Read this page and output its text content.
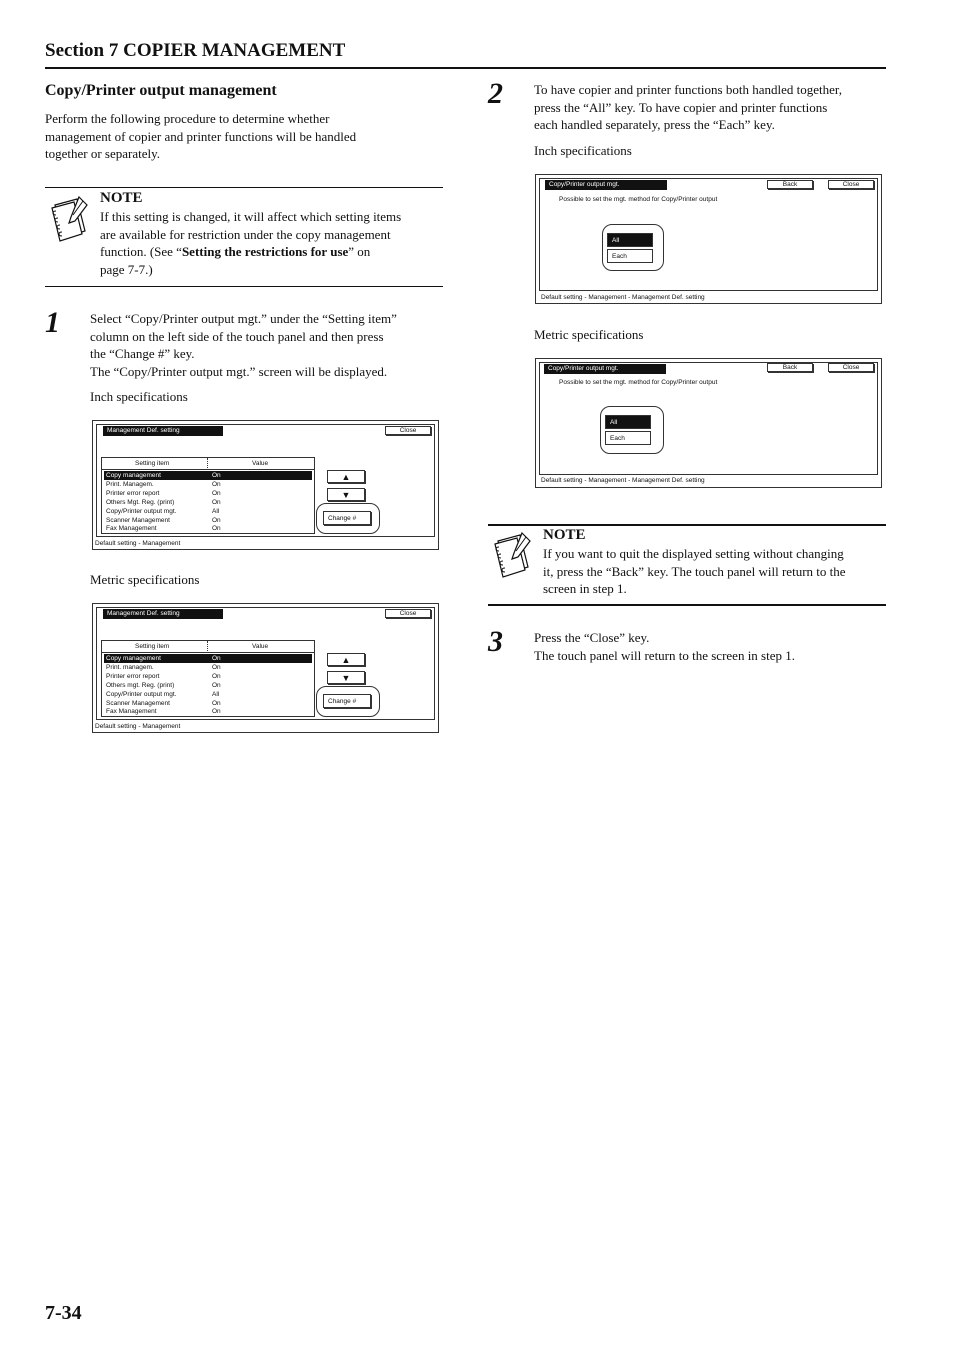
Section 7 COPIER MANAGEMENT
Copy/Printer output management
Perform the following procedure to determine whether
management of copier and printer functions will be handled
together or separately.
NOTE
If this setting is changed, it will affect which setting items
are available for restriction under the copy management
function. (See “Setting the restrictions for use” on
page 7-7.)
1 Select “Copy/Printer output mgt.” under the “Setting item”
column on the left side of the touch panel and then press
the “Change #” key.
The “Copy/Printer output mgt.” screen will be displayed.
Inch specifications
Management Def. setting	Close
Setting item	Value
Copy management	On
Print. Managem.	On
Printer error report	On
Others Mgt. Reg. (print)	On
Copy/Printer output mgt.	All
Scanner Management	On
Fax Management	On
▲
▼
Change #
Default setting - Management
Metric specifications
Management Def. setting	Close
Setting item	Value
Copy management	On
Print. managem.	On
Printer error report	On
Others mgt. Reg. (print)	On
Copy/Printer output mgt.	All
Scanner Management	On
Fax Management	On
▲
▼
Change #
Default setting - Management
2 To have copier and printer functions both handled together,
press the “All” key. To have copier and printer functions
each handled separately, press the “Each” key.
Inch specifications
Copy/Printer output mgt.	Back	Close
Possible to set the mgt. method for Copy/Printer output
All
Each
Default setting - Management - Management Def. setting
Metric specifications
Copy/Printer output mgt.	Back	Close
Possible to set the mgt. method for Copy/Printer output
All
Each
Default setting - Management - Management Def. setting
NOTE
If you want to quit the displayed setting without changing
it, press the “Back” key. The touch panel will return to the
screen in step 1.
3 Press the “Close” key.
The touch panel will return to the screen in step 1.
7-34
